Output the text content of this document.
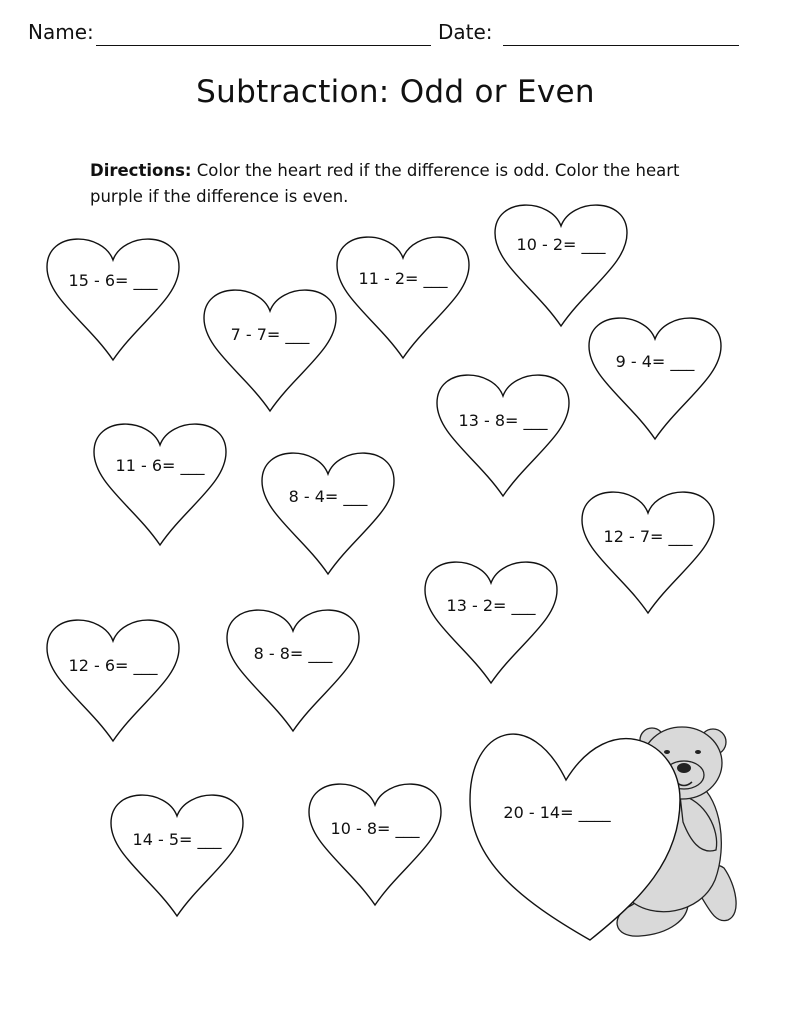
Name:	Date:
Subtraction: Odd or Even
Directions: Color the heart red if the difference is odd. Color the heart purple if the difference is even.
15 - 6= ___
7 - 7= ___
11 - 2= ___
10 - 2= ___
9 - 4= ___
13 - 8= ___
11 - 6= ___
8 - 4= ___
12 - 7= ___
13 - 2= ___
12 - 6= ___
8 - 8= ___
14 - 5= ___
10 - 8= ___
20 - 14= ____
